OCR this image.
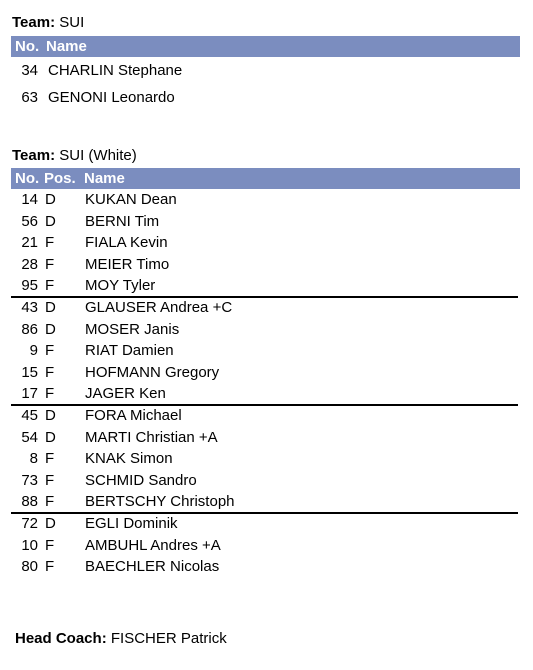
Team: SUI
No. Name
34 CHARLIN Stephane
63 GENONI Leonardo
Team: SUI (White)
No. Pos. Name
14 D KUKAN Dean
56 D BERNI Tim
21 F FIALA Kevin
28 F MEIER Timo
95 F MOY Tyler
43 D GLAUSER Andrea +C
86 D MOSER Janis
9 F RIAT Damien
15 F HOFMANN Gregory
17 F JAGER Ken
45 D FORA Michael
54 D MARTI Christian +A
8 F KNAK Simon
73 F SCHMID Sandro
88 F BERTSCHY Christoph
72 D EGLI Dominik
10 F AMBUHL Andres +A
80 F BAECHLER Nicolas
Head Coach: FISCHER Patrick
